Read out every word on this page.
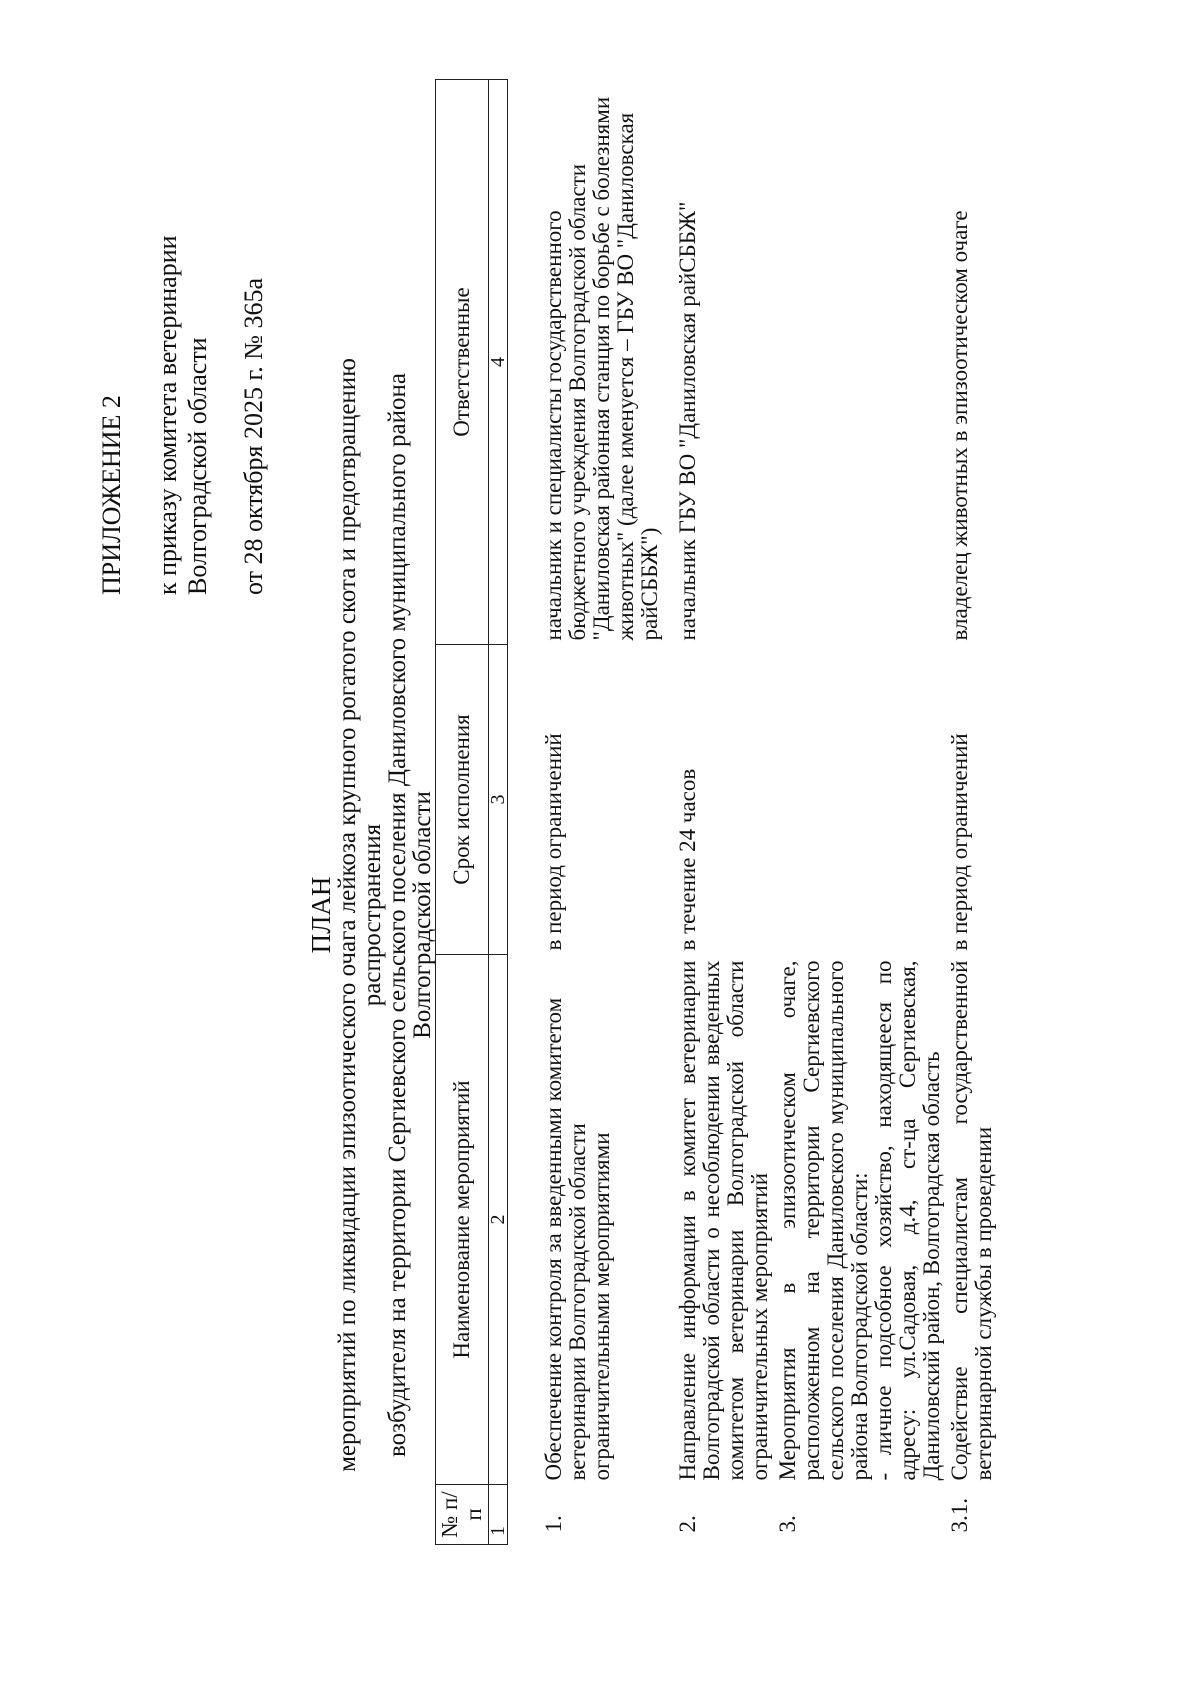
ПРИЛОЖЕНИЕ 2 к приказу комитета ветеринарии Волгоградской области от 28 октября 2025 г. № 365а
ПЛАН
мероприятий по ликвидации эпизоотического очага лейкоза крупного рогатого скота и предотвращению распространения
возбудителя на территории Сергиевского сельского поселения Даниловского муниципального района
Волгоградской области
№ п/п	Наименование мероприятий	Срок исполнения	Ответственные
1	2	3	4
1.	Обеспечение контроля за введенными комитетом ветеринарии Волгоградской области ограничительными мероприятиями	в период ограничений	начальник и специалисты государственного бюджетного учреждения Волгоградской области "Даниловская районная станция по борьбе с болезнями животных" (далее именуется – ГБУ ВО "Даниловская райСББЖ")
2.	Направление информации в комитет ветеринарии Волгоградской области о несоблюдении введенных комитетом ветеринарии Волгоградской области ограничительных мероприятий	в течение 24 часов	начальник ГБУ ВО "Даниловская райСББЖ"
3.	Мероприятия в эпизоотическом очаге, расположенном на территории Сергиевского сельского поселения Даниловского муниципального района Волгоградской области:
- личное подсобное хозяйство, находящееся по адресу: ул.Садовая, д.4, ст-ца Сергиевская, Даниловский район, Волгоградская область		
3.1.	Содействие специалистам государственной ветеринарной службы в проведении	в период ограничений	владелец животных в эпизоотическом очаге
